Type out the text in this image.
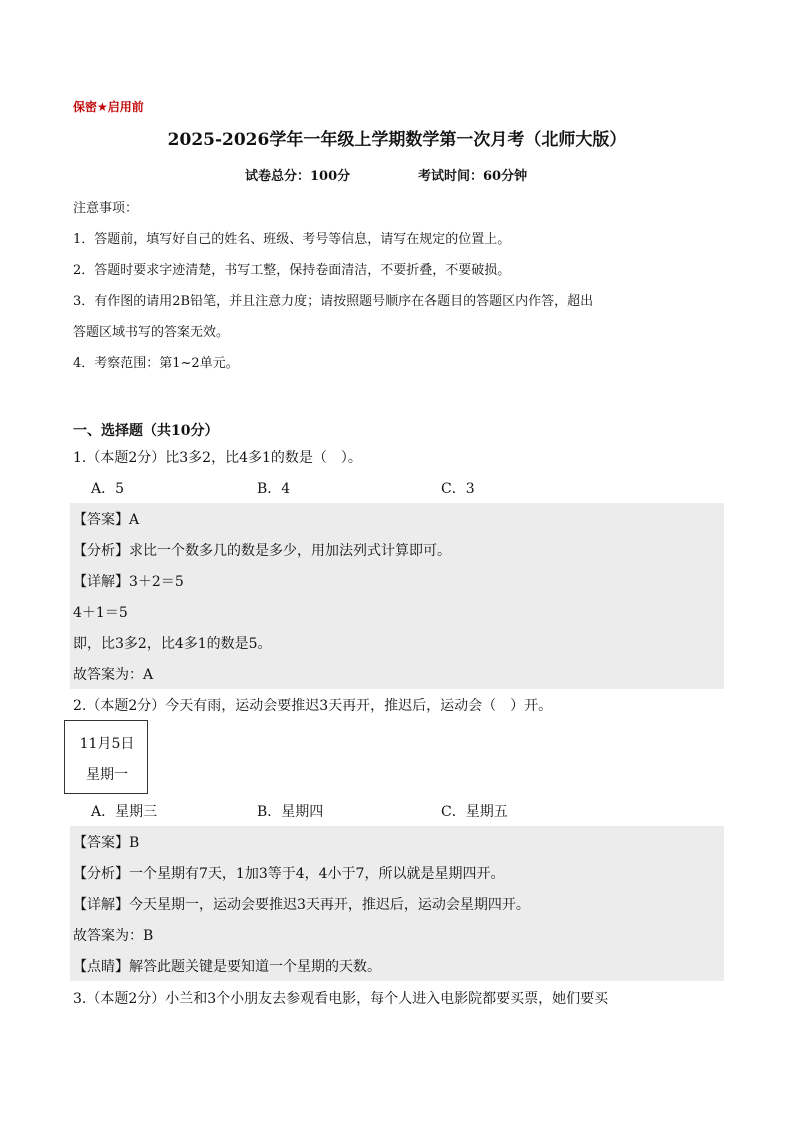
保密★启用前
2025-2026学年一年级上学期数学第一次月考（北师大版）
试卷总分：100分	考试时间：60分钟
注意事项：
1．答题前，填写好自己的姓名、班级、考号等信息，请写在规定的位置上。
2．答题时要求字迹清楚，书写工整，保持卷面清洁，不要折叠，不要破损。
3．有作图的请用2B铅笔，并且注意力度；请按照题号顺序在各题目的答题区内作答，超出
答题区域书写的答案无效。
4．考察范围：第1~2单元。
一、选择题（共10分）
1.（本题2分）比3多2，比4多1的数是（　）。
A．5	B．4	C．3
【答案】A
【分析】求比一个数多几的数是多少，用加法列式计算即可。
【详解】3＋2＝5
4＋1＝5
即，比3多2，比4多1的数是5。
故答案为：A
2.（本题2分）今天有雨，运动会要推迟3天再开，推迟后，运动会（　）开。
11月5日
星期一
A．星期三	B．星期四	C．星期五
【答案】B
【分析】一个星期有7天，1加3等于4，4小于7，所以就是星期四开。
【详解】今天星期一，运动会要推迟3天再开，推迟后，运动会星期四开。
故答案为：B
【点睛】解答此题关键是要知道一个星期的天数。
3.（本题2分）小兰和3个小朋友去参观看电影，每个人进入电影院都要买票，她们要买
